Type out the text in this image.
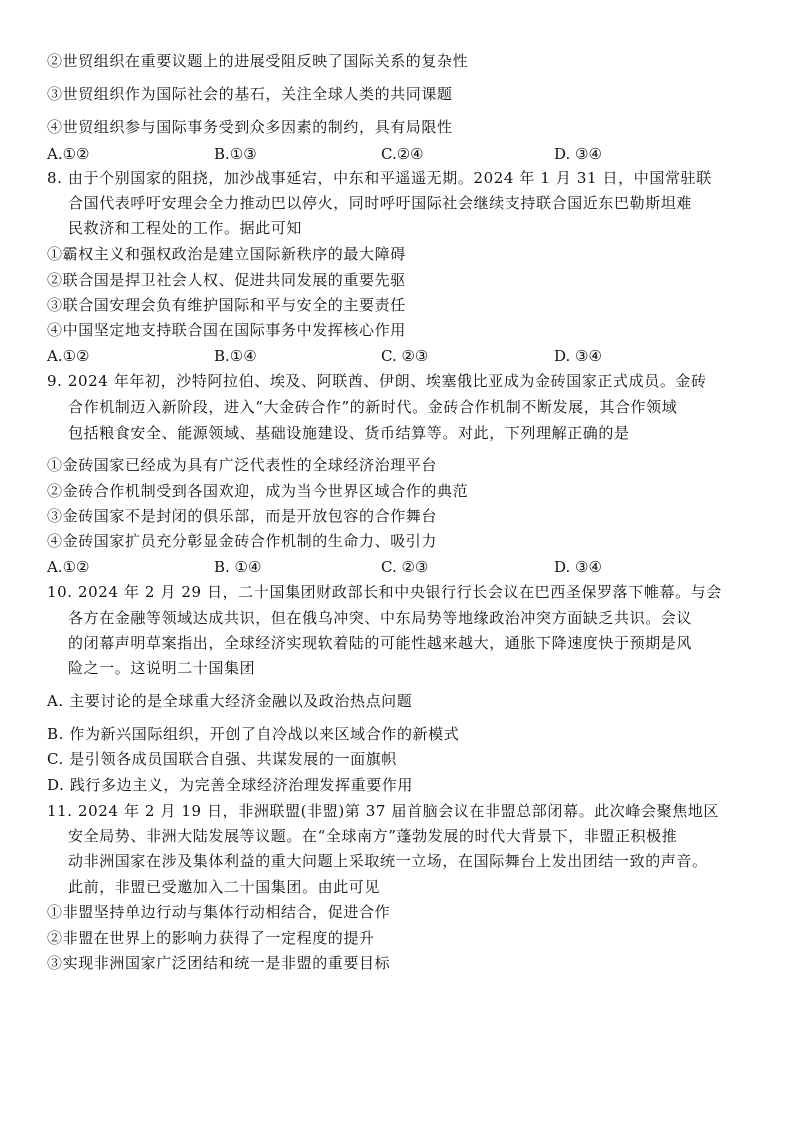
②世贸组织在重要议题上的进展受阻反映了国际关系的复杂性
③世贸组织作为国际社会的基石，关注全球人类的共同课题
④世贸组织参与国际事务受到众多因素的制约，具有局限性
A.①②	B.①③	C.②④	D. ③④
8. 由于个别国家的阻挠，加沙战事延宕，中东和平遥遥无期。2024 年 1 月 31 日，中国常驻联
合国代表呼吁安理会全力推动巴以停火，同时呼吁国际社会继续支持联合国近东巴勒斯坦难
民救济和工程处的工作。据此可知
①霸权主义和强权政治是建立国际新秩序的最大障碍
②联合国是捍卫社会人权、促进共同发展的重要先驱
③联合国安理会负有维护国际和平与安全的主要责任
④中国坚定地支持联合国在国际事务中发挥核心作用
A.①②	B.①④	C. ②③	D. ③④
9. 2024 年年初，沙特阿拉伯、埃及、阿联酋、伊朗、埃塞俄比亚成为金砖国家正式成员。金砖
合作机制迈入新阶段，进入“大金砖合作”的新时代。金砖合作机制不断发展，其合作领域
包括粮食安全、能源领域、基础设施建设、货币结算等。对此，下列理解正确的是
①金砖国家已经成为具有广泛代表性的全球经济治理平台
②金砖合作机制受到各国欢迎，成为当今世界区域合作的典范
③金砖国家不是封闭的俱乐部，而是开放包容的合作舞台
④金砖国家扩员充分彰显金砖合作机制的生命力、吸引力
A.①②	B. ①④	C. ②③	D. ③④
10. 2024 年 2 月 29 日，二十国集团财政部长和中央银行行长会议在巴西圣保罗落下帷幕。与会
各方在金融等领域达成共识，但在俄乌冲突、中东局势等地缘政治冲突方面缺乏共识。会议
的闭幕声明草案指出，全球经济实现软着陆的可能性越来越大，通胀下降速度快于预期是风
险之一。这说明二十国集团
A. 主要讨论的是全球重大经济金融以及政治热点问题
B. 作为新兴国际组织，开创了自冷战以来区域合作的新模式
C. 是引领各成员国联合自强、共谋发展的一面旗帜
D. 践行多边主义，为完善全球经济治理发挥重要作用
11. 2024 年 2 月 19 日，非洲联盟(非盟)第 37 届首脑会议在非盟总部闭幕。此次峰会聚焦地区
安全局势、非洲大陆发展等议题。在“全球南方”蓬勃发展的时代大背景下，非盟正积极推
动非洲国家在涉及集体利益的重大问题上采取统一立场，在国际舞台上发出团结一致的声音。
此前，非盟已受邀加入二十国集团。由此可见
①非盟坚持单边行动与集体行动相结合，促进合作
②非盟在世界上的影响力获得了一定程度的提升
③实现非洲国家广泛团结和统一是非盟的重要目标
